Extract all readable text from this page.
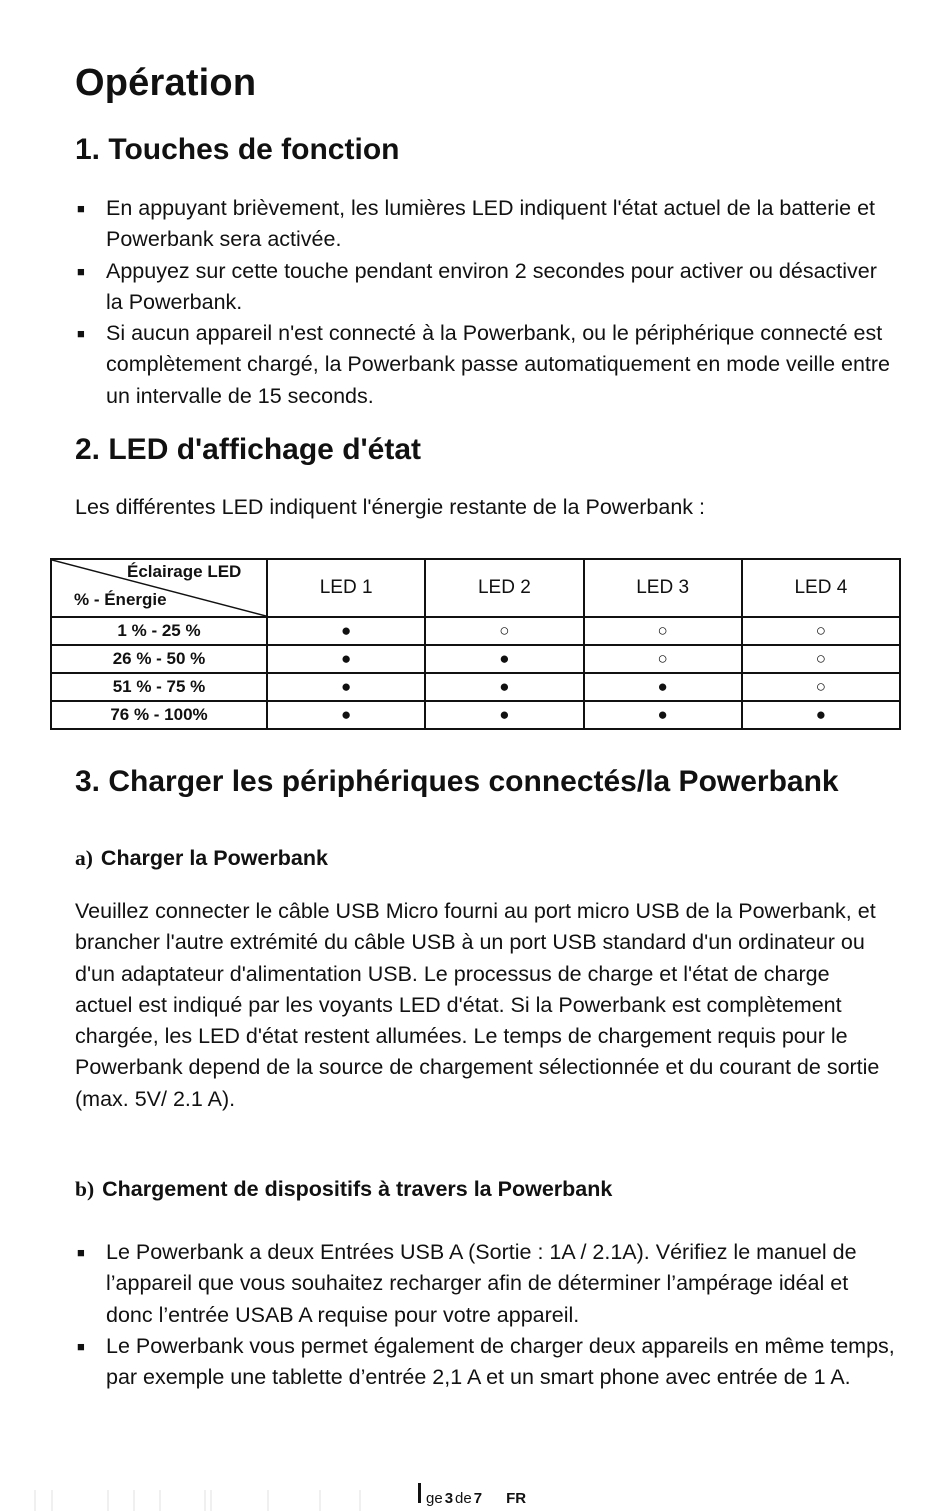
Opération
1. Touches de fonction
■ En appuyant brièvement, les lumières LED indiquent l'état actuel de la batterie et Powerbank sera activée.
■ Appuyez sur cette touche pendant environ 2 secondes pour activer ou désactiver la Powerbank.
■ Si aucun appareil n'est connecté à la Powerbank, ou le périphérique connecté est complètement chargé, la Powerbank passe automatiquement en mode veille entre un intervalle de 15 seconds.
2. LED d'affichage d'état

Les différentes LED indiquent l'énergie restante de la Powerbank :

3. Charger les périphériques connectés/la Powerbank
a) Charger la Powerbank

Veuillez connecter le câble USB Micro fourni au port micro USB de la Powerbank, et brancher l'autre extrémité du câble USB à un port USB standard d'un ordinateur ou d'un adaptateur d'alimentation USB. Le processus de charge et l'état de charge actuel est indiqué par les voyants LED d'état. Si la Powerbank est complètement chargée, les LED d'état restent allumées. Le temps de chargement requis pour le Powerbank depend de la source de chargement sélectionnée et du courant de sortie (max. 5V/ 2.1 A).

b) Chargement de dispositifs à travers la Powerbank
■ Le Powerbank a deux Entrées USB A (Sortie : 1A / 2.1A). Vérifiez le manuel de l’appareil que vous souhaitez recharger afin de déterminer l’ampérage idéal et donc l’entrée USAB A requise pour votre appareil.
■ Le Powerbank vous permet également de charger deux appareils en même temps, par exemple une tablette d’entrée 2,1 A et un smart phone avec entrée de 1 A.
Éclairage LED
% - Énergie	LED 1	LED 2	LED 3	LED 4
1 % - 25 %	●	○	○	○
26 % - 50 %	●	●	○	○
51 % - 75 %	●	●	●	○
76 % - 100%	●	●	●	●
ge 3 de 7 FR
